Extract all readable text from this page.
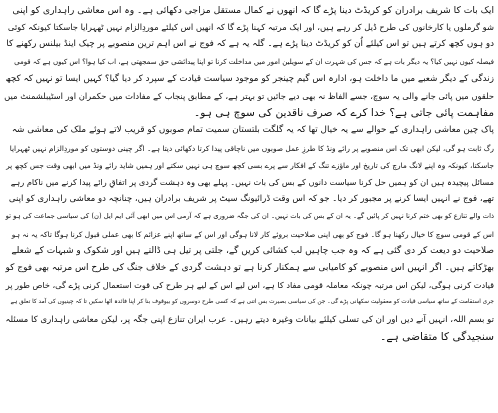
ایک بات کا شریف برادران کو کریڈٹ دینا پڑے گا کہ انھوں نے کمال مستقل مزاجی دکھائی ہے۔ وہ اس معاشی راہداری کو اپنی
شو گرملوں یا کارخانوں کی طرح ڈیل کر رہے ہیں، اور ایک مرتبہ کہنا پڑے گا کہ انھیں اس کیلئے موردِالزام نہیں ٹھہرایا جاسکتا کیونکہ کوئی
دو ہوں کچھ کرتے ہیں تو اس کیلئے اُن کو کریڈٹ دینا پڑے ہے۔ گلہ یہ ہے کہ فوج نے اس اہم ترین منصوبے پر چیک اینڈ بیلنس رکھنے کا
فیصلہ کیوں نہیں کیا؟ یہ دیگر بات ہے کہ جس کی شہرت ان کے سویلین امور میں مداخلت کرنا تو اپنا پیدائشی حق سمجھتی ہے، اب کیا ہوا؟ اس کیوں ہے کہ قومی
زندگی کے دیگر شعبے میں ما داخلت ہو، ادارہ اس گیم چینجر کو موجود سیاست قیادت کے سپرد کر دیا گیا؟ کہیں ایسا تو نہیں کہ کچھ
حلقوں میں پائی جانے والی یہ سوچ، جسے الفاظ نہ بھی دیے جائیں تو بہتر ہے، کے مطابق پنجاب کے مفادات میں حکمران اور اسٹیبلشمنٹ میں
مفاہمت پائی جاتی ہے؟ خدا کرے کہ صرف ناقدین کی سوچ ہی ہو۔
پاک چین معاشی راہداری کے حوالے سے یہ خیال تھا کہ یہ گلگت بلتستان سمیت تمام صوبوں کو قریب لاتے ہوئے ملک کی معاشی شہ
رگ ثابت ہو گی، لیکن ابھی تک اس منصوبے پر رائے ونڈ کا طرزِ عمل صوبوں میں ناچاقی پیدا کرتا دکھائی دیتا ہے۔ اگر چینی دوستوں کو موردِالزام نہیں ٹھہرایا
جاسکتا، کیونکہ وہ اپنے لانگ مارچ کی تاریخ اور ماؤزے تنگ کے افکار سے پرے بسی کچھ سوچ ہی نہیں سکتے اور ہمیں شاید رائے ونڈ میں ابھی وقت جس کچھ پر
مسائل پیچیدہ ہیں ان کو ہمیں حل کرنا سیاست دانوں کے بس کی بات نہیں۔ پہلے بھی وہ دہشت گردی پر اتفاقِ رائے پیدا کرنے میں ناکام رہے
تھے، فوج نے انہیں ایسا کرنے پر مجبور کر دیا۔ جو کہ اس وقت ڈرائیونگ سیٹ پر شریف برادران ہیں، چنانچہ دو معاشی راہداری کو اپنی
ذات والے تنازع کو بھی ختم کرنا نہیں کر پائیں گے۔ یہ ان کے بس کی بات نہیں۔ ان کی جگہ ضروری ہے کہ آرمی اس میں ابھی آئی ایم ایل (ن) کی سیاسی جماعت کی ہو تو
اس کے قومی سوچ کا خیال رکھنا ہو گا۔ فوج کو بھی اپنی صلاحیت بروئے کار لانا ہوگی اور اس کے ساتھ اپنے عزائم کا بھی عملی قبول کرنا ہوگا تاکہ یہ نہ ہو
صلاحیت دو دیعت کر دی گئی ہے کہ وہ جب چاہیں لب کشائی کریں گے، جلتی پر تیل ہی ڈالتے ہیں اور شکوک و شبہات کے شعلے
بھڑکاتے ہیں۔ اگر انہیں اس منصوبے کو کامیابی سے ہمکنار کرنا ہے تو دہشت گردی کے خلاف جنگ کی طرح اس مرتبہ بھی فوج کو
قیادت کرنی ہوگی، لیکن اس مرتبہ چونکہ معاملہ قومی مفاد کا ہے، اس لیے اس کے لیے ہر طرح کی قوت استعمال کرنی پڑے گی، خاص طور پر
جری استقامت کے ساتھ سیاسی قیادت کو معقولیت سکھانی پڑے گی۔ جن کی سیاسی بصیرت بس اتنی ہے کہ کسی طرح دوسروں کو بیوقوف بنا کر اپنا فائدہ اٹھا سکیں تا کہ چینیوں کی آمد کا تعلق ہے
تو بسم اللہ، انہیں آنے دیں اور ان کی تسلی کیلئے بیانات وغیرہ دیتے رہیں۔ عرب ایران تنازع اپنی جگہ پر، لیکن معاشی راہداری کا مسئلہ
سنجیدگی کا متقاضی ہے۔
